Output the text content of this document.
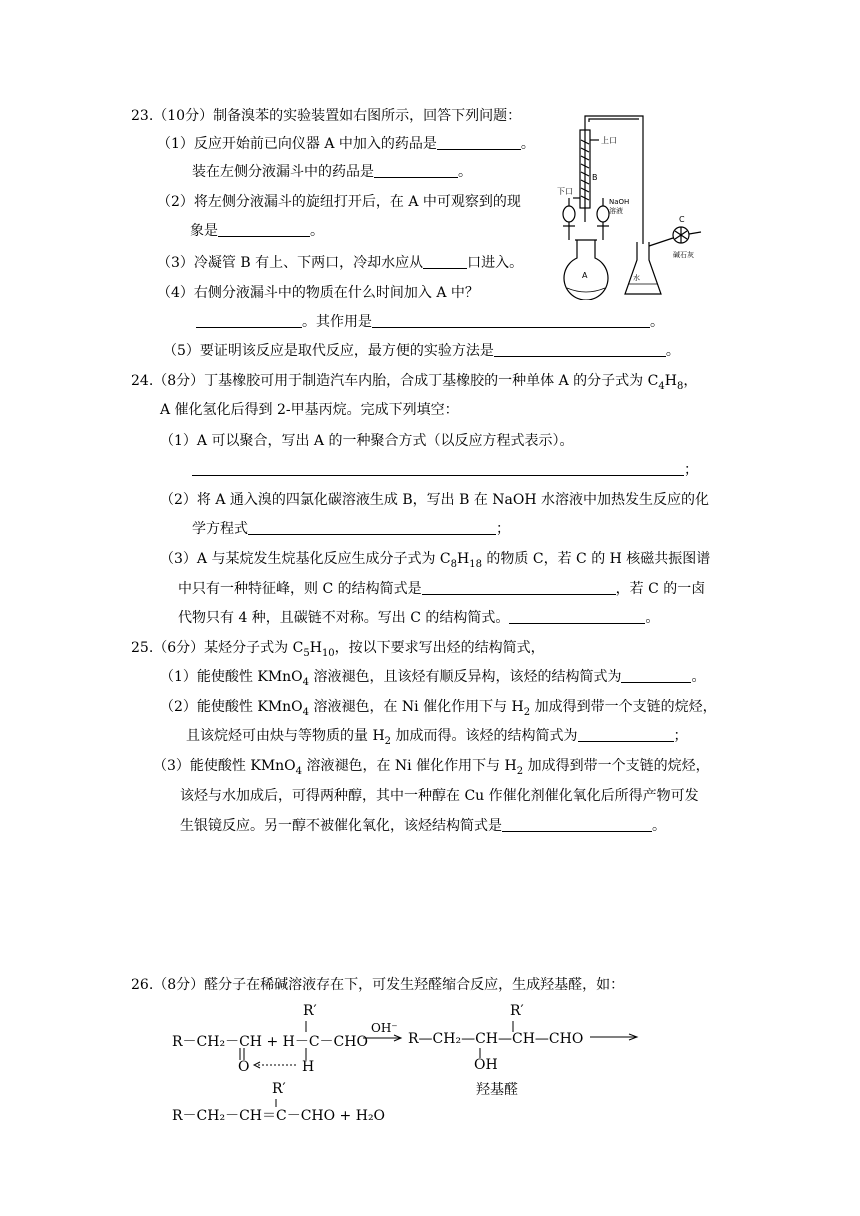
23.（10分）制备溴苯的实验装置如右图所示，回答下列问题：
（1）反应开始前已向仪器 A 中加入的药品是	。
装在左侧分液漏斗中的药品是	。
（2）将左侧分液漏斗的旋纽打开后，在 A 中可观察到的现
象是	。
（3）冷凝管 B 有上、下两口，冷却水应从	口进入。
（4）右侧分液漏斗中的物质在什么时间加入 A 中？
。其作用是	。
（5）要证明该反应是取代反应，最方便的实验方法是	。
上口
下口
B
NaOH
溶液
C
碱石灰
水
A
24.（8分）丁基橡胶可用于制造汽车内胎，合成丁基橡胶的一种单体 A 的分子式为 $C_4H_8$，
A 催化氢化后得到 2-甲基丙烷。完成下列填空：
（1）A 可以聚合，写出 A 的一种聚合方式（以反应方程式表示）。
；
（2）将 A 通入溴的四氯化碳溶液生成 B，写出 B 在 NaOH 水溶液中加热发生反应的化
学方程式	；
（3）A 与某烷发生烷基化反应生成分子式为 $C_8H_{18}$ 的物质 C，若 C 的 H 核磁共振图谱
中只有一种特征峰，则 C 的结构简式是	，若 C 的一卤
代物只有 4 种，且碳链不对称。写出 C 的结构简式。	。
25.（6分）某烃分子式为 $C_5H_{10}$，按以下要求写出烃的结构简式，
（1）能使酸性 KMnO$_4$ 溶液褪色，且该烃有顺反异构，该烃的结构简式为	。
（2）能使酸性 KMnO$_4$ 溶液褪色，在 Ni 催化作用下与 $H_2$ 加成得到带一个支链的烷烃，
且该烷烃可由炔与等物质的量 $H_2$ 加成而得。该烃的结构简式为	；
（3）能使酸性 KMnO$_4$ 溶液褪色，在 Ni 催化作用下与 $H_2$ 加成得到带一个支链的烷烃，
该烃与水加成后，可得两种醇，其中一种醇在 Cu 作催化剂催化氧化后所得产物可发
生银镜反应。另一醇不被催化氧化，该烃结构简式是	。
26.（8分）醛分子在稀碱溶液存在下，可发生羟醛缩合反应，生成羟基醛，如：
R′
R－CH₂－CH + H－C－CHO
O	H
OH⁻
R′
R—CH₂—CH—CH—CHO
OH
羟基醛
R′
R－CH₂－CH＝C－CHO + H₂O
